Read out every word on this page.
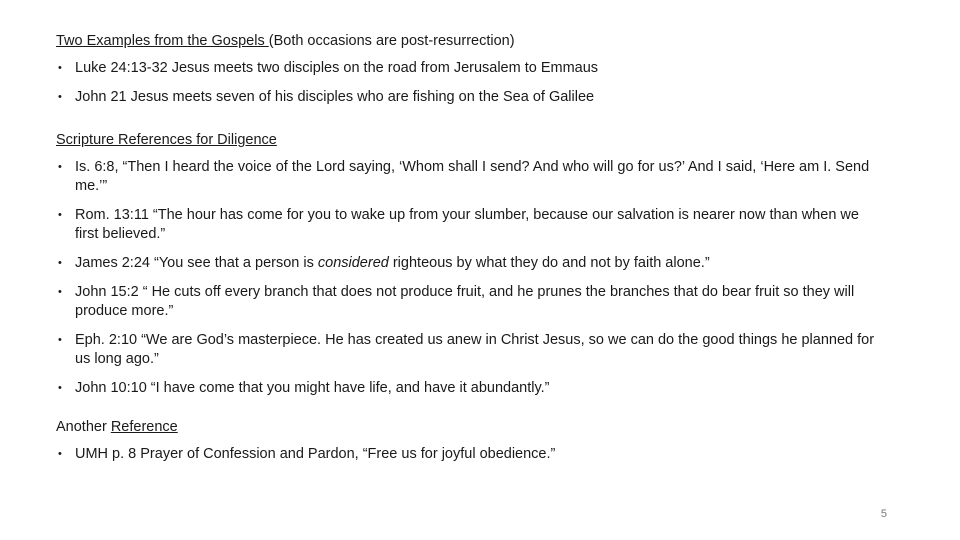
Two Examples from the Gospels (Both occasions are post-resurrection)
• Luke 24:13-32 Jesus meets two disciples on the road from Jerusalem to Emmaus
• John 21 Jesus meets seven of his disciples who are fishing on the Sea of Galilee
Scripture References for Diligence
• Is. 6:8, “Then I heard the voice of the Lord saying, ‘Whom shall I send? And who will go for us?’ And I said, ‘Here am I. Send me.’”
• Rom. 13:11 “The hour has come for you to wake up from your slumber, because our salvation is nearer now than when we first believed.”
• James 2:24 “You see that a person is considered righteous by what they do and not by faith alone.”
• John 15:2 “ He cuts off every branch that does not produce fruit, and he prunes the branches that do bear fruit so they will produce more.”
• Eph. 2:10 “We are God’s masterpiece. He has created us anew in Christ Jesus, so we can do the good things he planned for us long ago.”
• John 10:10 “I have come that you might have life, and have it abundantly.”
Another Reference
• UMH p. 8 Prayer of Confession and Pardon, “Free us for joyful obedience.”
5
